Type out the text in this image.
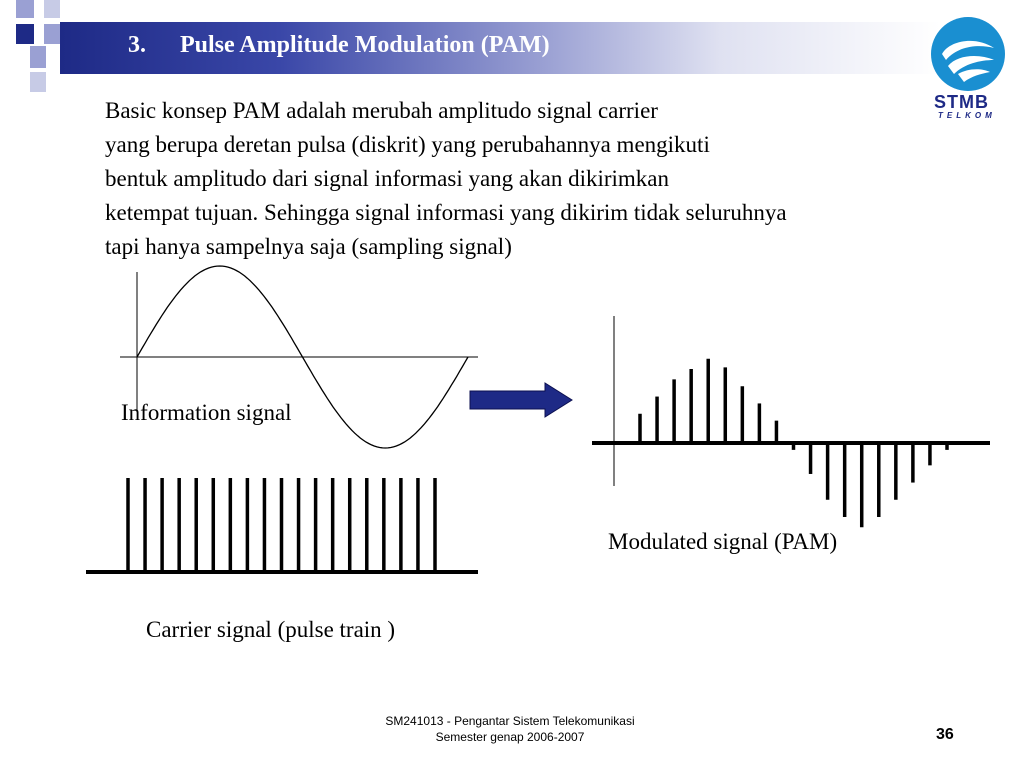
3. Pulse Amplitude Modulation (PAM)
STMB
TELKOM
Basic konsep PAM adalah merubah amplitudo signal carrier
yang berupa deretan pulsa (diskrit) yang perubahannya mengikuti
bentuk amplitudo dari signal informasi yang akan dikirimkan
ketempat tujuan. Sehingga signal informasi yang dikirim tidak seluruhnya
tapi hanya sampelnya saja (sampling signal)
Information signal
Carrier signal (pulse train )
Modulated signal (PAM)
SM241013 - Pengantar Sistem Telekomunikasi
Semester genap 2006-2007	36
